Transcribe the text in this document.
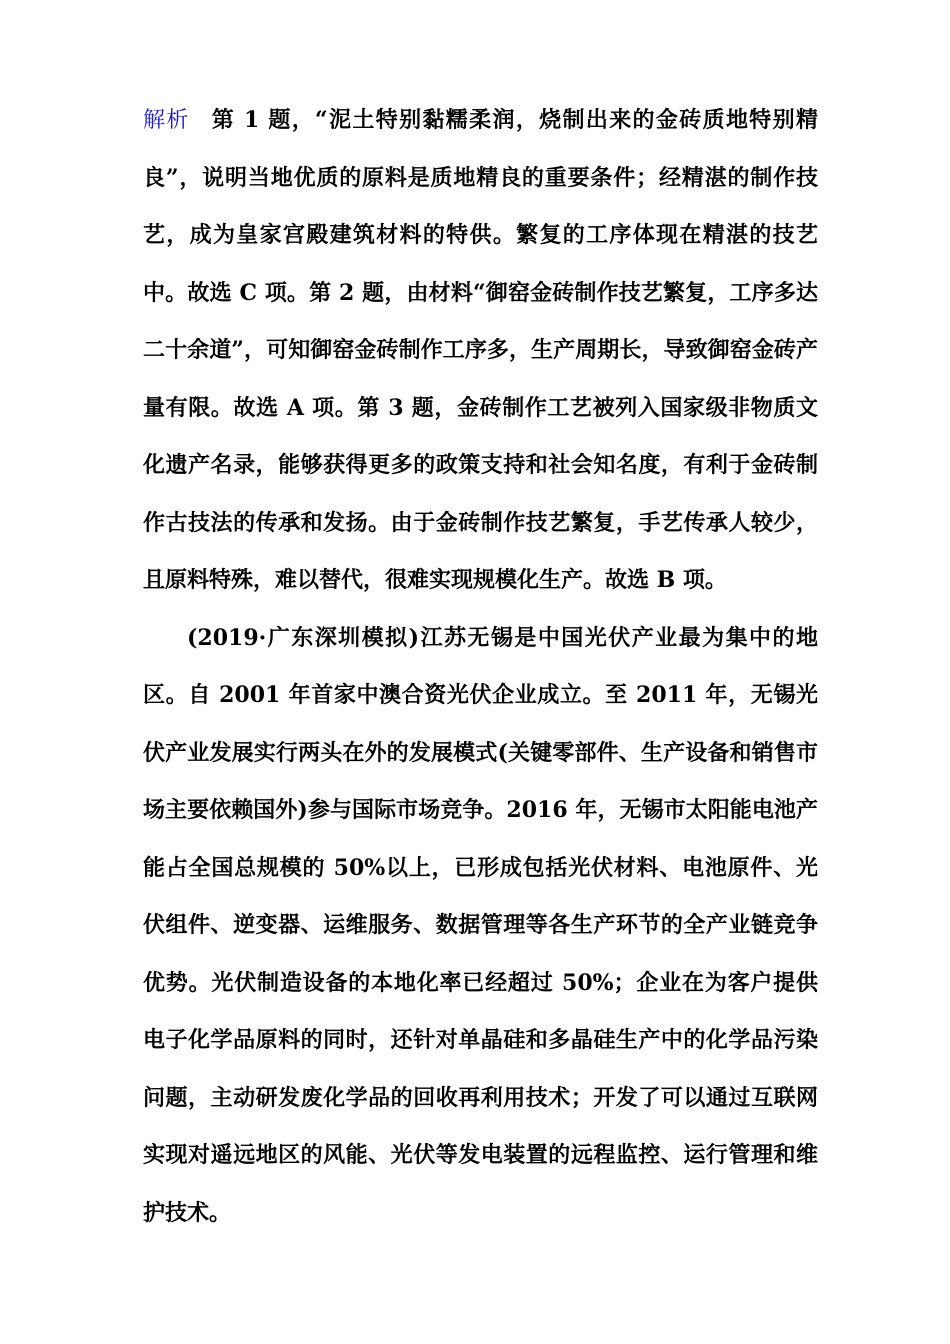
解析 第 1 题，“泥土特别黏糯柔润，烧制出来的金砖质地特别精良”，说明当地优质的原料是质地精良的重要条件；经精湛的制作技艺，成为皇家宫殿建筑材料的特供。繁复的工序体现在精湛的技艺中。故选 C 项。第 2 题，由材料“御窑金砖制作技艺繁复，工序多达二十余道”，可知御窑金砖制作工序多，生产周期长，导致御窑金砖产量有限。故选 A 项。第 3 题，金砖制作工艺被列入国家级非物质文化遗产名录，能够获得更多的政策支持和社会知名度，有利于金砖制作古技法的传承和发扬。由于金砖制作技艺繁复，手艺传承人较少，且原料特殊，难以替代，很难实现规模化生产。故选 B 项。

(2019·广东深圳模拟)江苏无锡是中国光伏产业最为集中的地区。自 2001 年首家中澳合资光伏企业成立。至 2011 年，无锡光伏产业发展实行两头在外的发展模式(关键零部件、生产设备和销售市场主要依赖国外)参与国际市场竞争。2016 年，无锡市太阳能电池产能占全国总规模的 50%以上，已形成包括光伏材料、电池原件、光伏组件、逆变器、运维服务、数据管理等各生产环节的全产业链竞争优势。光伏制造设备的本地化率已经超过 50%；企业在为客户提供电子化学品原料的同时，还针对单晶硅和多晶硅生产中的化学品污染问题，主动研发废化学品的回收再利用技术；开发了可以通过互联网实现对遥远地区的风能、光伏等发电装置的远程监控、运行管理和维护技术。
